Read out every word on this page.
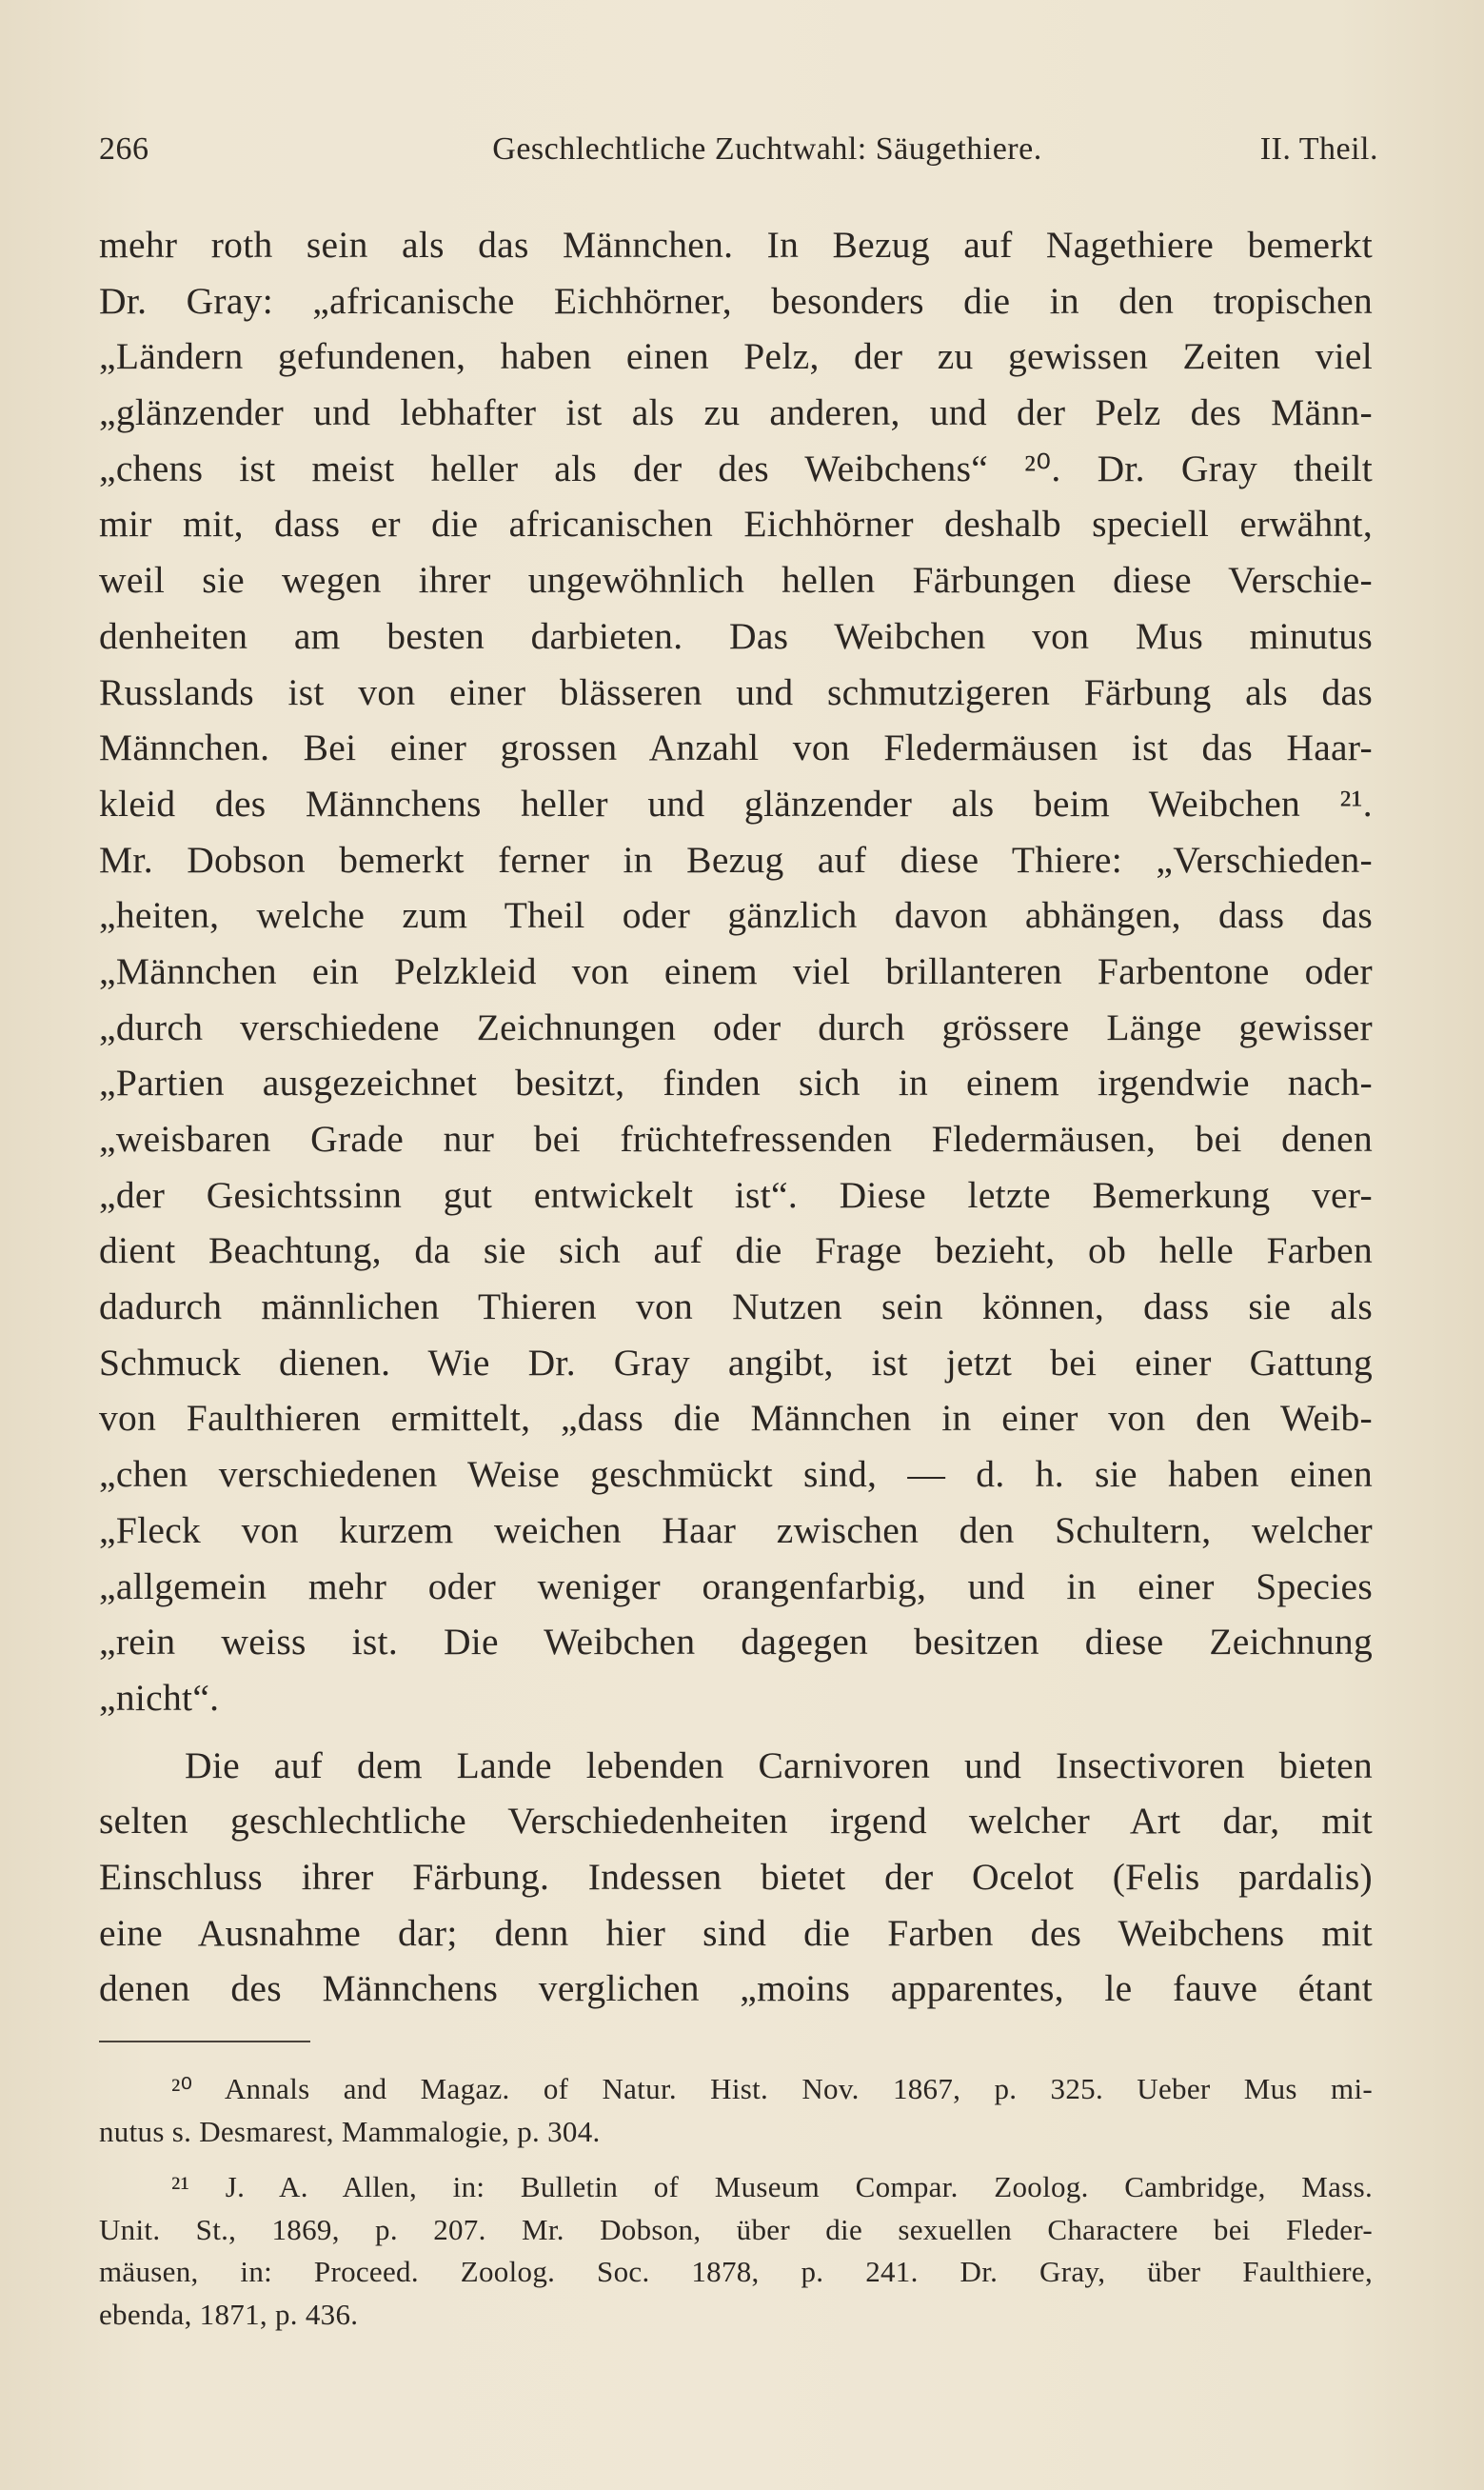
266	Geschlechtliche Zuchtwahl: Säugethiere.	II. Theil.
mehr roth sein als das Männchen. In Bezug auf Nagethiere bemerkt
Dr. Gray: „africanische Eichhörner, besonders die in den tropischen
„Ländern gefundenen, haben einen Pelz, der zu gewissen Zeiten viel
„glänzender und lebhafter ist als zu anderen, und der Pelz des Männ-
„chens ist meist heller als der des Weibchens“ ²⁰. Dr. Gray theilt
mir mit, dass er die africanischen Eichhörner deshalb speciell erwähnt,
weil sie wegen ihrer ungewöhnlich hellen Färbungen diese Verschie-
denheiten am besten darbieten. Das Weibchen von Mus minutus
Russlands ist von einer blässeren und schmutzigeren Färbung als das
Männchen. Bei einer grossen Anzahl von Fledermäusen ist das Haar-
kleid des Männchens heller und glänzender als beim Weibchen ²¹.
Mr. Dobson bemerkt ferner in Bezug auf diese Thiere: „Verschieden-
„heiten, welche zum Theil oder gänzlich davon abhängen, dass das
„Männchen ein Pelzkleid von einem viel brillanteren Farbentone oder
„durch verschiedene Zeichnungen oder durch grössere Länge gewisser
„Partien ausgezeichnet besitzt, finden sich in einem irgendwie nach-
„weisbaren Grade nur bei früchtefressenden Fledermäusen, bei denen
„der Gesichtssinn gut entwickelt ist“. Diese letzte Bemerkung ver-
dient Beachtung, da sie sich auf die Frage bezieht, ob helle Farben
dadurch männlichen Thieren von Nutzen sein können, dass sie als
Schmuck dienen. Wie Dr. Gray angibt, ist jetzt bei einer Gattung
von Faulthieren ermittelt, „dass die Männchen in einer von den Weib-
„chen verschiedenen Weise geschmückt sind, — d. h. sie haben einen
„Fleck von kurzem weichen Haar zwischen den Schultern, welcher
„allgemein mehr oder weniger orangenfarbig, und in einer Species
„rein weiss ist. Die Weibchen dagegen besitzen diese Zeichnung
„nicht“.
Die auf dem Lande lebenden Carnivoren und Insectivoren bieten
selten geschlechtliche Verschiedenheiten irgend welcher Art dar, mit
Einschluss ihrer Färbung. Indessen bietet der Ocelot (Felis pardalis)
eine Ausnahme dar; denn hier sind die Farben des Weibchens mit
denen des Männchens verglichen „moins apparentes, le fauve étant
²⁰ Annals and Magaz. of Natur. Hist. Nov. 1867, p. 325. Ueber Mus mi-
nutus s. Desmarest, Mammalogie, p. 304.
²¹ J. A. Allen, in: Bulletin of Museum Compar. Zoolog. Cambridge, Mass.
Unit. St., 1869, p. 207. Mr. Dobson, über die sexuellen Charactere bei Fleder-
mäusen, in: Proceed. Zoolog. Soc. 1878, p. 241. Dr. Gray, über Faulthiere,
ebenda, 1871, p. 436.
